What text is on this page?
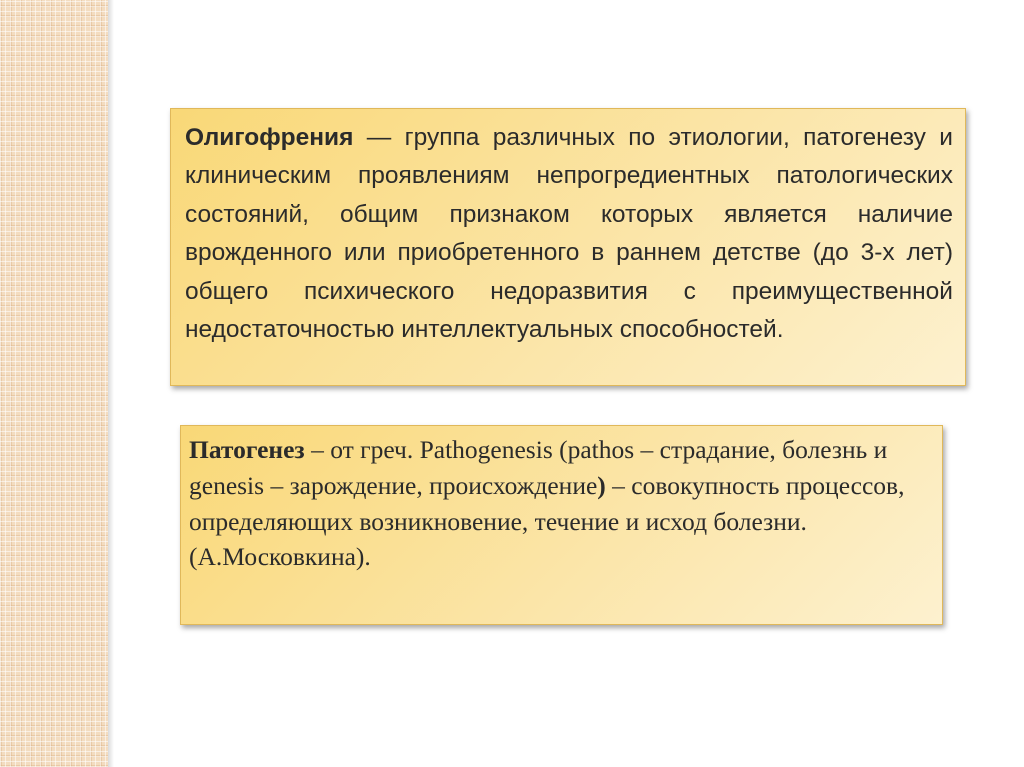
Олигофрения — группа различных по этиологии, патогенезу и клиническим проявлениям непрогредиентных патологических состояний, общим признаком которых является наличие врожденного или приобретенного в раннем детстве (до 3-х лет) общего психического недоразвития с преимущественной недостаточностью интеллектуальных способностей.
Патогенез – от греч. Pathogenesis (pathos – страдание, болезнь и genesis – зарождение, происхождение) – совокупность процессов, определяющих возникновение, течение и исход болезни. (А.Московкина).
